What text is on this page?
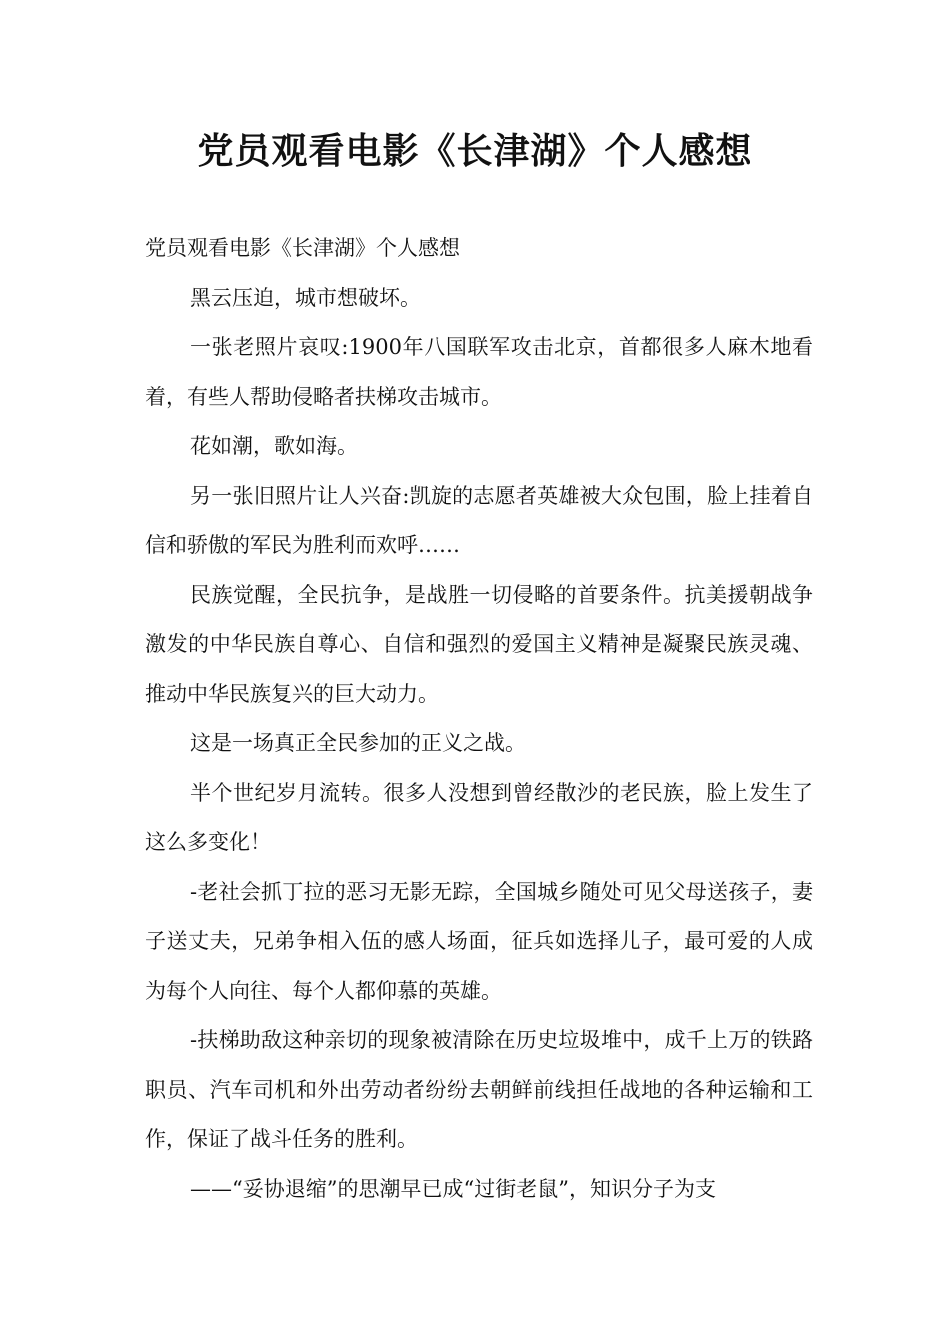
党员观看电影《长津湖》个人感想

党员观看电影《长津湖》个人感想

黑云压迫，城市想破坏。

一张老照片哀叹:1900年八国联军攻击北京，首都很多人麻木地看着，有些人帮助侵略者扶梯攻击城市。

花如潮，歌如海。

另一张旧照片让人兴奋:凯旋的志愿者英雄被大众包围，脸上挂着自信和骄傲的军民为胜利而欢呼……

民族觉醒，全民抗争，是战胜一切侵略的首要条件。抗美援朝战争激发的中华民族自尊心、自信和强烈的爱国主义精神是凝聚民族灵魂、推动中华民族复兴的巨大动力。

这是一场真正全民参加的正义之战。

半个世纪岁月流转。很多人没想到曾经散沙的老民族，脸上发生了这么多变化！

-老社会抓丁拉的恶习无影无踪，全国城乡随处可见父母送孩子，妻子送丈夫，兄弟争相入伍的感人场面，征兵如选择儿子，最可爱的人成为每个人向往、每个人都仰慕的英雄。

-扶梯助敌这种亲切的现象被清除在历史垃圾堆中，成千上万的铁路职员、汽车司机和外出劳动者纷纷去朝鲜前线担任战地的各种运输和工作，保证了战斗任务的胜利。

——“妥协退缩”的思潮早已成“过街老鼠”，知识分子为支
